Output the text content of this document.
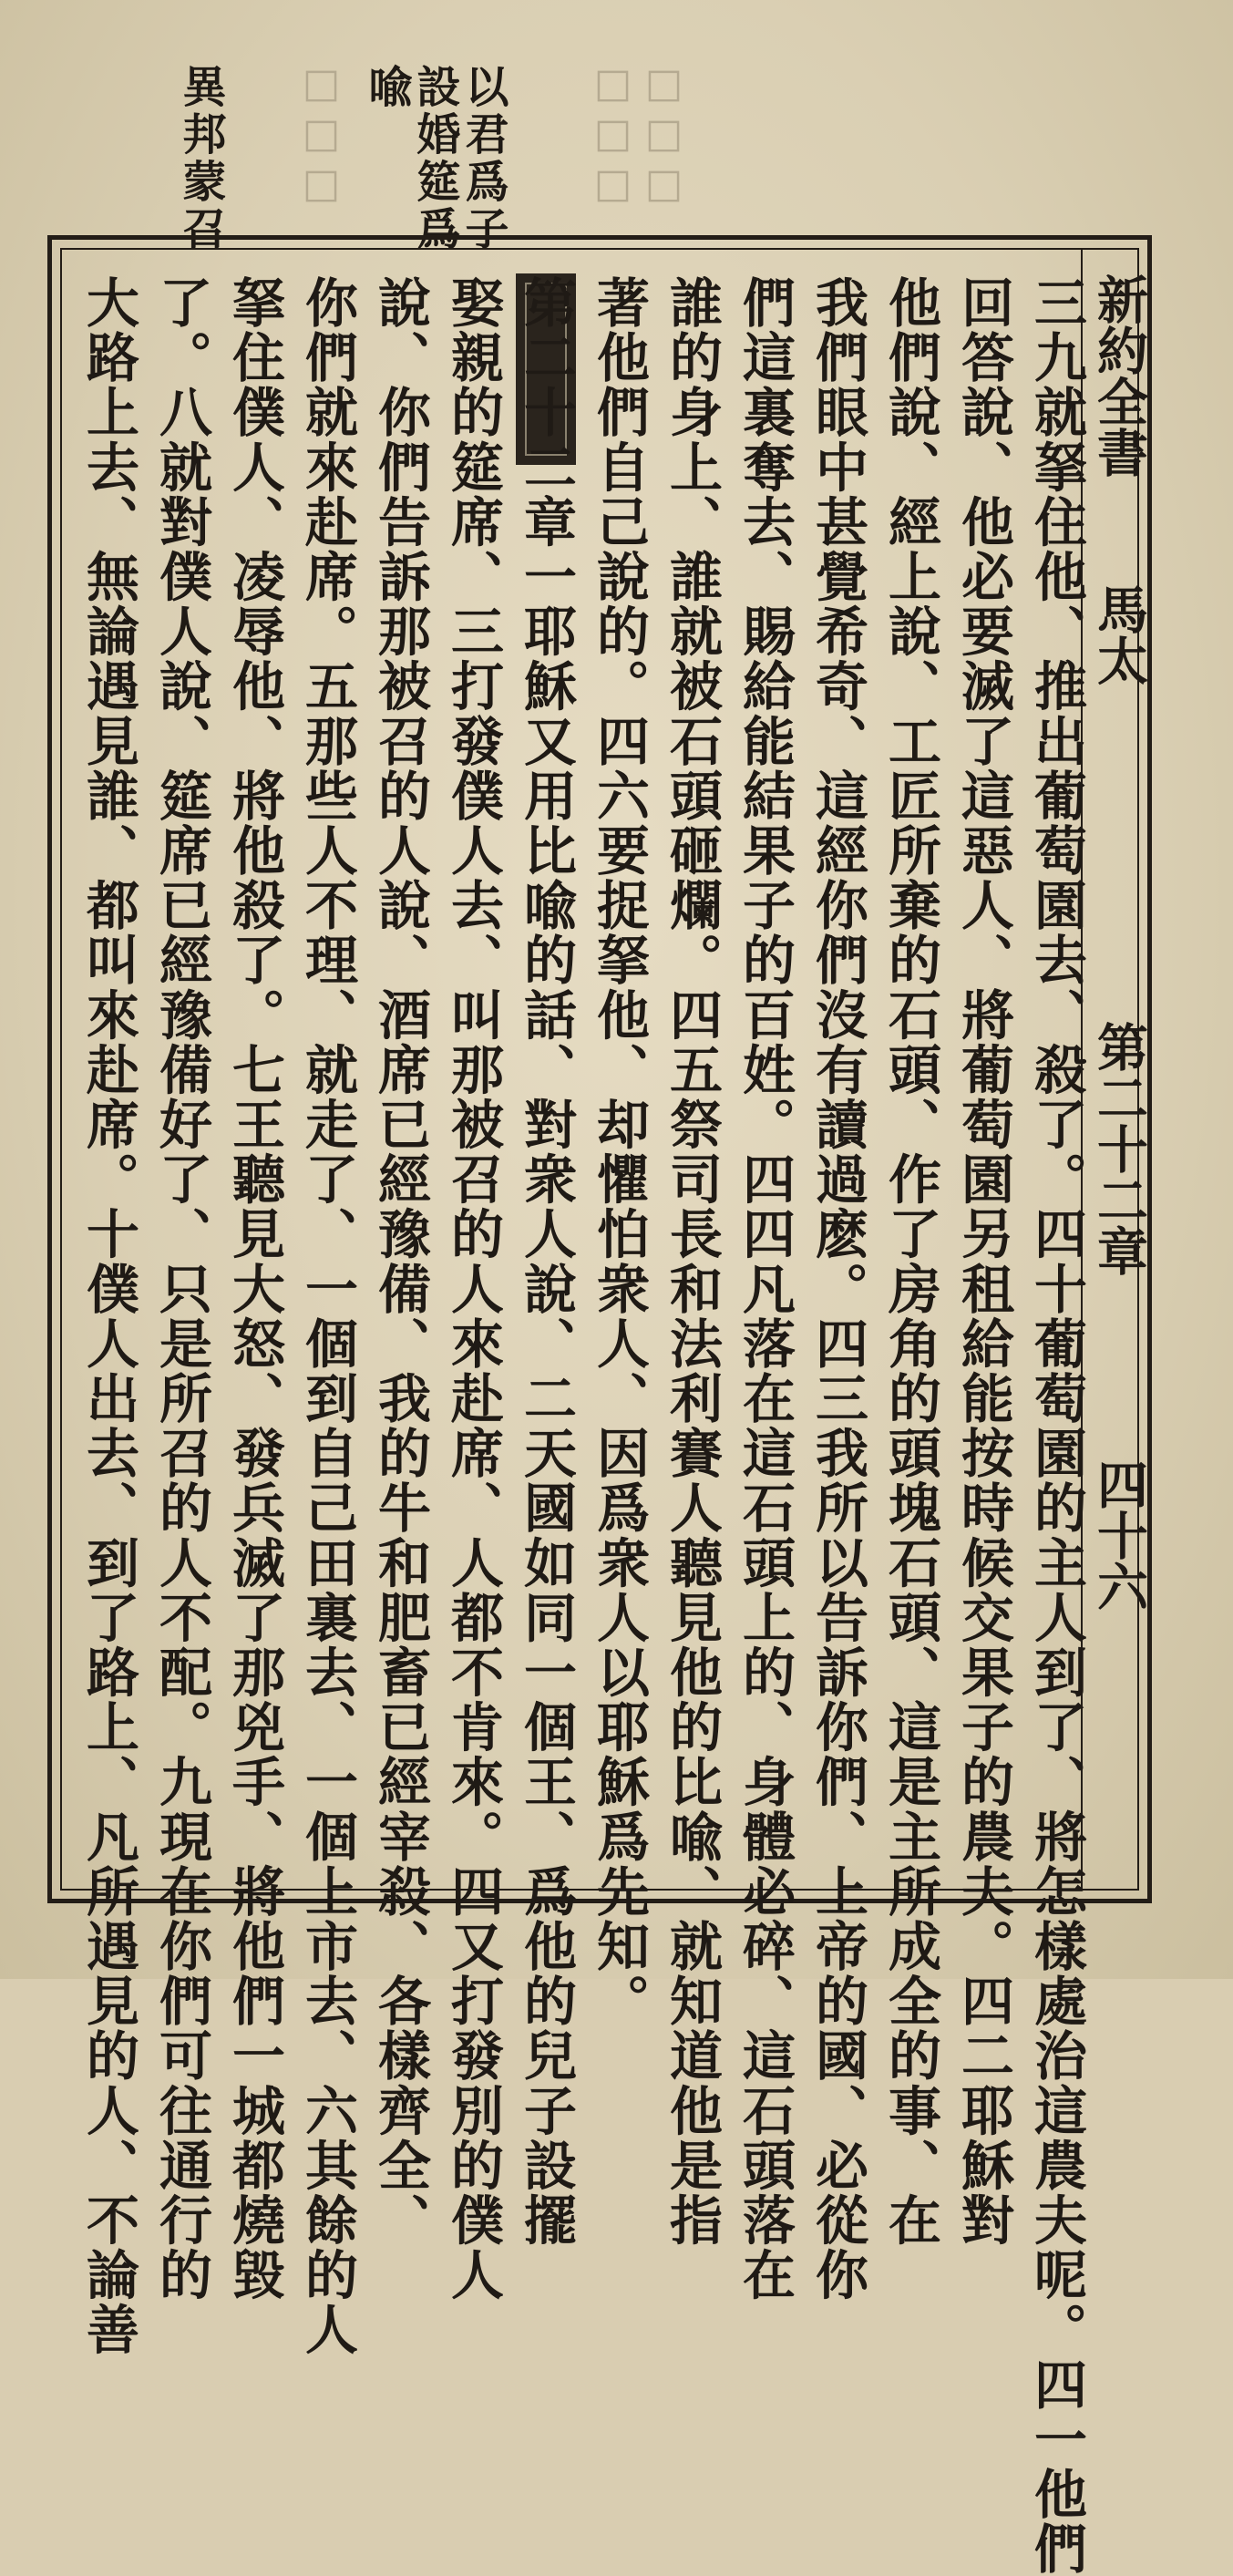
以君爲子
設婚筵爲
喩
異邦蒙召	□□□
□□□
□□□
新約全書
馬太
第二十二章
四十六
三九就拏住他、推出葡萄園去、殺了。四十葡萄園的主人到了、將怎樣處治這農夫呢。四一他們
回答說、他必要滅了這惡人、將葡萄園另租給能按時候交果子的農夫。四二耶穌對
他們說、經上說、工匠所棄的石頭、作了房角的頭塊石頭、這是主所成全的事、在
我們眼中甚覺希奇、這經你們沒有讀過麽。四三我所以告訴你們、上帝的國、必從你
們這裏奪去、賜給能結果子的百姓。四四凡落在這石頭上的、身體必碎、這石頭落在
誰的身上、誰就被石頭砸爛。四五祭司長和法利賽人聽見他的比喩、就知道他是指
著他們自己說的。四六要捉拏他、却懼怕衆人、因爲衆人以耶穌爲先知。
第二十二章一耶穌又用比喩的話、對衆人說、二天國如同一個王、爲他的兒子設擺
娶親的筵席、三打發僕人去、叫那被召的人來赴席、人都不肯來。四又打發別的僕人
說、你們告訴那被召的人說、酒席已經豫備、我的牛和肥畜已經宰殺、各樣齊全、
你們就來赴席。五那些人不理、就走了、一個到自己田裏去、一個上市去、六其餘的人
拏住僕人、凌辱他、將他殺了。七王聽見大怒、發兵滅了那兇手、將他們一城都燒毀
了。八就對僕人說、筵席已經豫備好了、只是所召的人不配。九現在你們可往通行的
大路上去、無論遇見誰、都叫來赴席。十僕人出去、到了路上、凡所遇見的人、不論善
